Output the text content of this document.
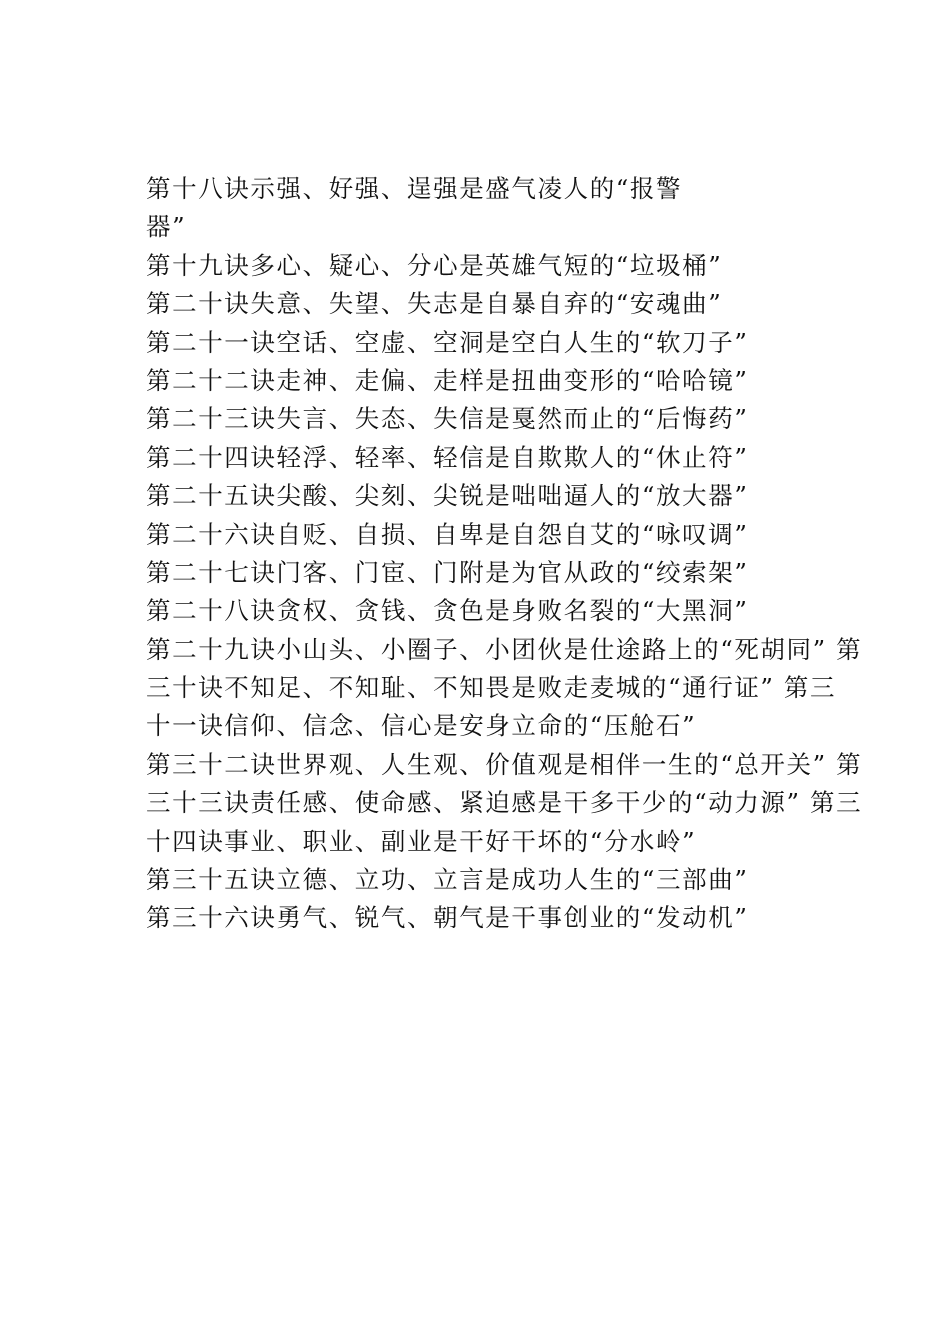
第十八诀示强、好强、逞强是盛气凌人的“报警
器”
第十九诀多心、疑心、分心是英雄气短的“垃圾桶”
第二十诀失意、失望、失志是自暴自弃的“安魂曲”
第二十一诀空话、空虚、空洞是空白人生的“软刀子”
第二十二诀走神、走偏、走样是扭曲变形的“哈哈镜”
第二十三诀失言、失态、失信是戛然而止的“后悔药”
第二十四诀轻浮、轻率、轻信是自欺欺人的“休止符”
第二十五诀尖酸、尖刻、尖锐是咄咄逼人的“放大器”
第二十六诀自贬、自损、自卑是自怨自艾的“咏叹调”
第二十七诀门客、门宦、门附是为官从政的“绞索架”
第二十八诀贪权、贪钱、贪色是身败名裂的“大黑洞”
第二十九诀小山头、小圈子、小团伙是仕途路上的“死胡同” 第
三十诀不知足、不知耻、不知畏是败走麦城的“通行证” 第三
十一诀信仰、信念、信心是安身立命的“压舱石”
第三十二诀世界观、人生观、价值观是相伴一生的“总开关” 第
三十三诀责任感、使命感、紧迫感是干多干少的“动力源” 第三
十四诀事业、职业、副业是干好干坏的“分水岭”
第三十五诀立德、立功、立言是成功人生的“三部曲”
第三十六诀勇气、锐气、朝气是干事创业的“发动机”
